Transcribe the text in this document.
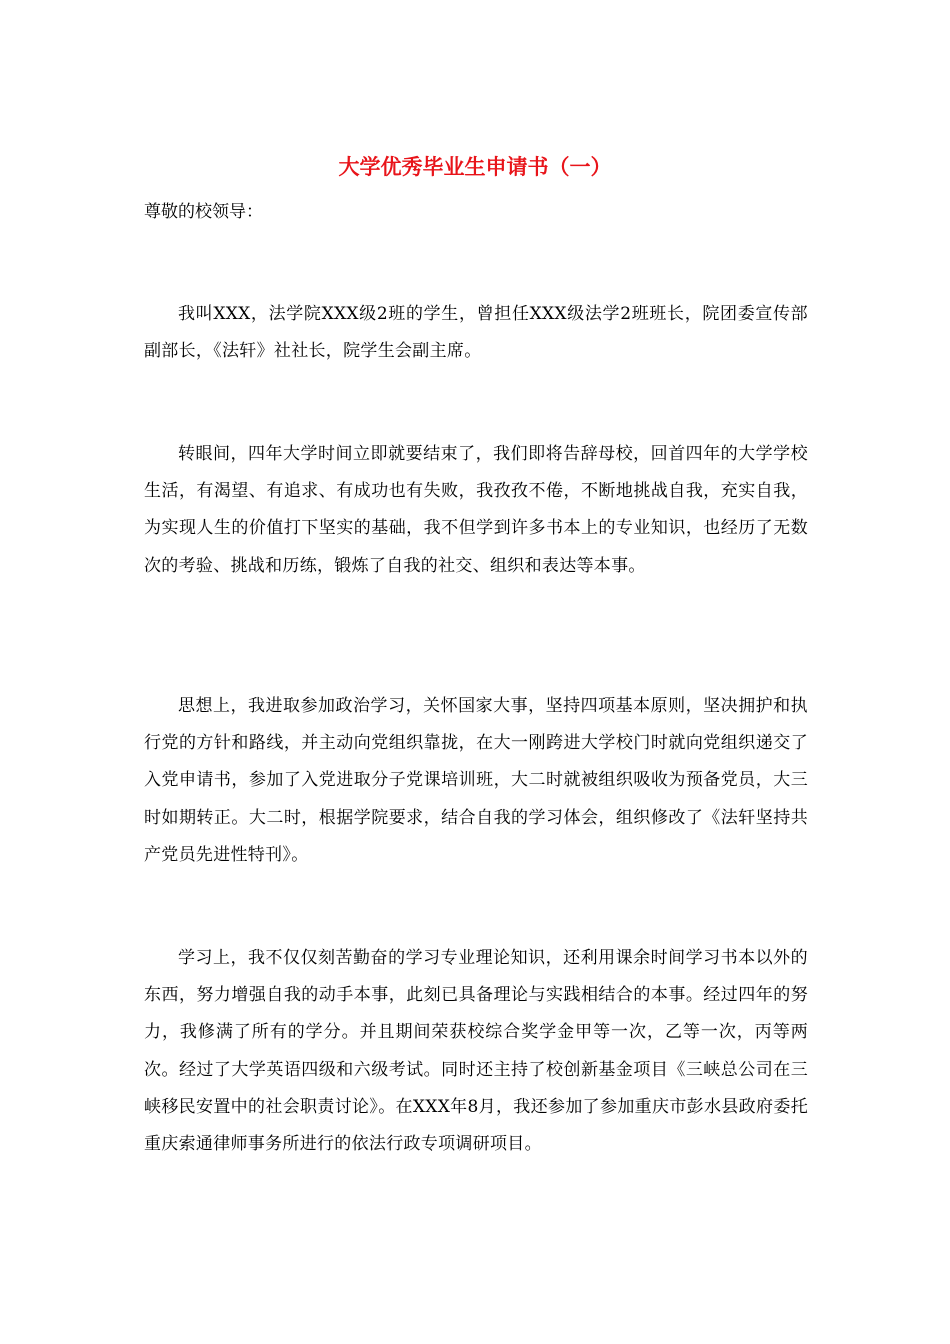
大学优秀毕业生申请书（一）

尊敬的校领导：

我叫XXX，法学院XXX级2班的学生，曾担任XXX级法学2班班长，院团委宣传部副部长，《法轩》社社长，院学生会副主席。

转眼间，四年大学时间立即就要结束了，我们即将告辞母校，回首四年的大学学校生活，有渴望、有追求、有成功也有失败，我孜孜不倦，不断地挑战自我，充实自我，为实现人生的价值打下坚实的基础，我不但学到许多书本上的专业知识，也经历了无数次的考验、挑战和历练，锻炼了自我的社交、组织和表达等本事。

思想上，我进取参加政治学习，关怀国家大事，坚持四项基本原则，坚决拥护和执行党的方针和路线，并主动向党组织靠拢，在大一刚跨进大学校门时就向党组织递交了入党申请书，参加了入党进取分子党课培训班，大二时就被组织吸收为预备党员，大三时如期转正。大二时，根据学院要求，结合自我的学习体会，组织修改了《法轩坚持共产党员先进性特刊》。

学习上，我不仅仅刻苦勤奋的学习专业理论知识，还利用课余时间学习书本以外的东西，努力增强自我的动手本事，此刻已具备理论与实践相结合的本事。经过四年的努力，我修满了所有的学分。并且期间荣获校综合奖学金甲等一次，乙等一次，丙等两次。经过了大学英语四级和六级考试。同时还主持了校创新基金项目《三峡总公司在三峡移民安置中的社会职责讨论》。在XXX年8月，我还参加了参加重庆市彭水县政府委托重庆索通律师事务所进行的依法行政专项调研项目。
